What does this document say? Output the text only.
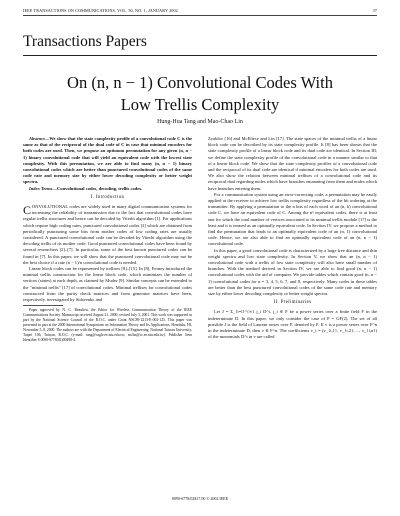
IEEE TRANSACTIONS ON COMMUNICATIONS, VOL. 50, NO. 1, JANUARY 2002	37
Transactions Papers
On (n, n − 1) Convolutional Codes With
Low Trellis Complexity
Hung-Hua Tang and Mao-Chao Lin

Abstract—We show that the state complexity profile of a convolutional code C is the same as that of the reciprocal of the dual code of C in case that minimal encoders for both codes are used. Then, we propose an optimum permutation for any given (n, n − 1) binary convolutional code that will yield an equivalent code with the lowest state complexity. With this permutation, we are able to find many (n, n − 1) binary convolutional codes which are better than punctured convolutional codes of the same code rate and memory size by either lower decoding complexity or better weight spectra.

Index Terms—Convolutional codes, decoding, trellis codes.

I. Introduction

CONVOLUTIONAL codes are widely used in many digital communication systems for increasing the reliability of transmission due to the fact that convolutional codes have regular trellis structures and hence can be decoded by Viterbi algorithm [1]. For applications which require high coding rates, punctured convolutional codes [2] which are obtained from periodically puncturing some bits from mother codes of low coding rates are usually considered. A punctured convolutional code can be decoded by Viterbi algorithm using the decoding trellis of its mother code. Good punctured convolutional codes have been found by several researchers [2]–[7]. In particular, some of the best known punctured codes can be found in [7]. In this paper, we will show that the punctured convolutional code may not be the best choice if a rate (n − 1)/n convolutional code is needed.

Linear block codes can be represented by trellises [8]–[15]. In [8], Forney introduced the minimal trellis construction for the linear block code, which minimizes the number of vertices (states) at each depth, as claimed by Muder [9]. Similar concepts can be extended to the "minimal trellis" [17] of convolutional codes. Minimal trellises for convolutional codes constructed from the parity check matrices and from generator matrices have been, respectively, investigated by Sidorenko and

Paper approved by N. C. Beaulieu, the Editor for Wireless Communication Theory of the IEEE Communications Society. Manuscript received August 21, 2000; revised July 3, 2001. This work was supported in part by the National Science Council of the R.O.C. under Grant NSC89-2213-E-002-125. This paper was presented in part at the 2000 International Symposium on Information Theory and Its Applications, Honolulu, HI, November 5–8, 2000. The authors are with the Department of Electrical Engineering, National Taiwan University, Taipei 106, Taiwan, R.O.C. (e-mail: tang@cagle.ee.ntu.edu.tw; mclin@cc.ee.ntu.edu.tw). Publisher Item Identifier S 0090-6778(02)00498-4.

Zyablov [16] and McEliece and Lin [17]. The state spaces of the minimal trellis of a linear block code can be described by its state complexity profile. It [8] has been shown that the state complexity profile of a linear block code and its dual code are identical. In Section III, we define the state complexity profile of the convolutional code in a manner similar to that of a linear block code. We show that the state complexity profiles of a convolutional code and the reciprocal of its dual code are identical if minimal encoders for both codes are used. We also show the relation between minimal trellises of a convolutional code and its reciprocal dual regarding nodes which have branches emanating from them and nodes which have branches entering them.

For a communication system using an error-correcting code, a permutation may be easily applied at the receiver to achieve low trellis complexity regardless of the bit ordering at the transmitter. By applying a permutation to the n bits of each word of an (n, k) convolutional code C, we have an equivalent code of C. Among the n! equivalent codes, there is at least one for which the total number of vertices associated to its minimal trellis module [17] is the least and it is termed as an optimally equivalent code. In Section IV, we propose a method to find the permutation that leads to an optimally equivalent code of an (n, 1) convolutional code. Hence, we are also able to find an optimally equivalent code of an (n, n − 1) convolutional code.

In this paper, a good convolutional code is characterized by a large free distance and thin weight spectra and low state complexity. In Section V, we show that an (n, n − 1) convolutional code with a trellis of low state complexity will also have small number of branches. With the method derived in Section IV, we are able to find good (n, n − 1) convolutional codes with the aid of computer. We provide tables which contain good (n, n − 1) convolutional codes for n = 3, 4, 5, 6, 7, and 8, respectively. Many codes in these tables are better than the best punctured convolutional codes of the same code rate and memory size by either lower decoding complexity or better weight spectra.

II. Preliminaries

Let J = Σ_{i=l}^{∞} j_i D^i, j_i ∈ F be a power series over a finite field F in the indeterminate D. In this paper, we only consider the case of F = GF(2). The set of all possible J is the field of Laurent series over F, denoted by F. If v is a power series over F^n in the indeterminate D, then v ∈ F^n. The coefficients v_i = (v_{i,1}, v_{i,2}, ..., v_{i,n}) of the monomials D^i in v are called

0090-6778/02$17.00 © 2002 IEEE
